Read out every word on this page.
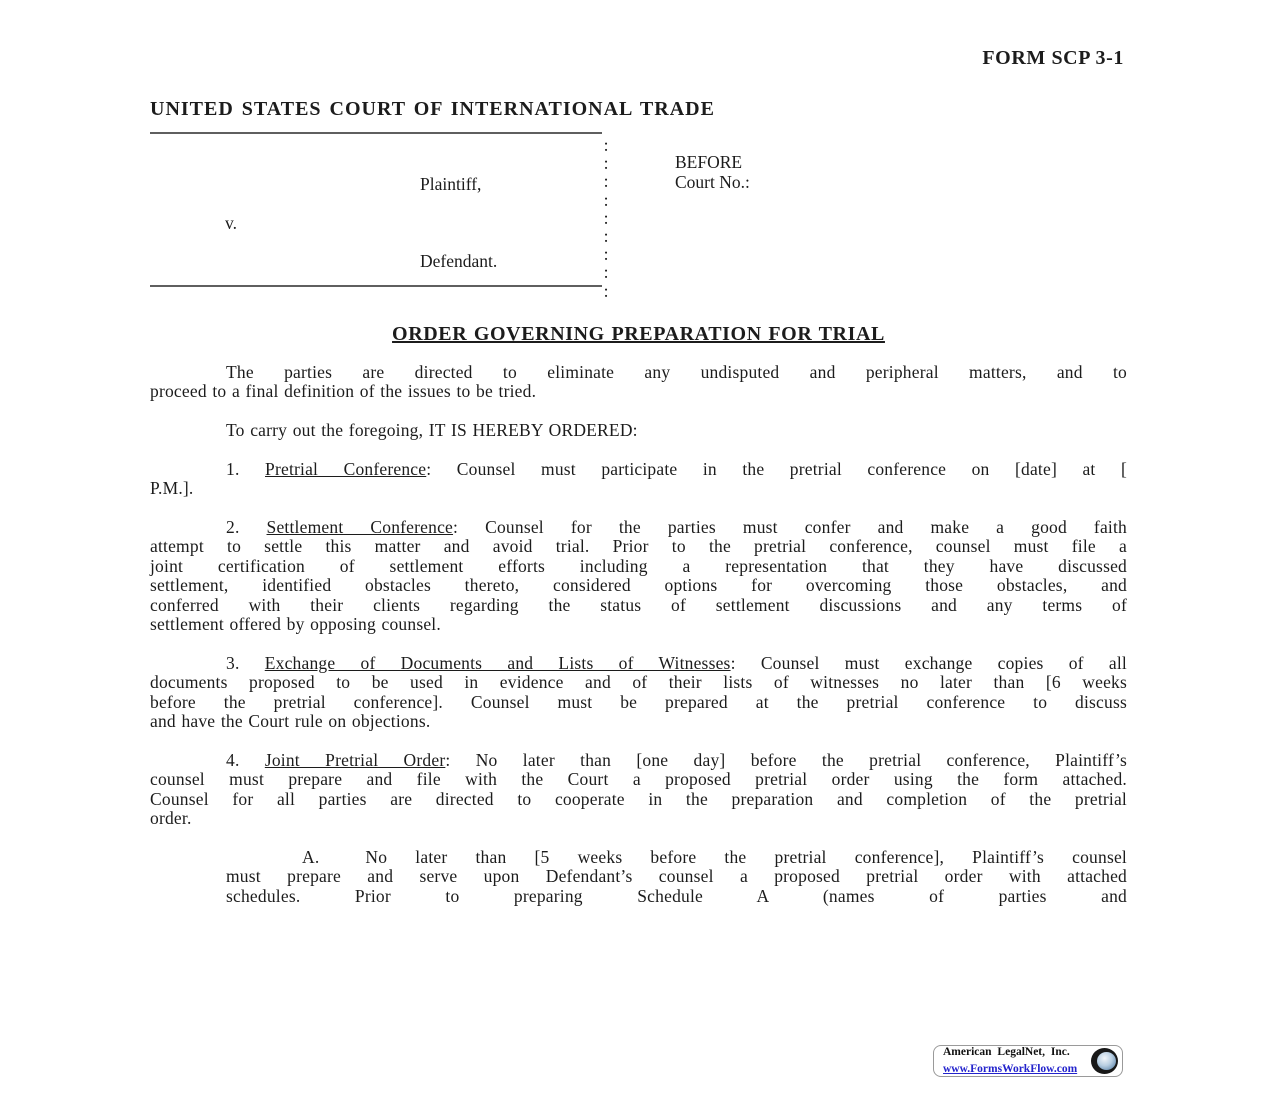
FORM SCP 3-1
UNITED STATES COURT OF INTERNATIONAL TRADE
Plaintiff,
v.
Defendant.
:
:
:
:
:
:
:
:
:
BEFORE
Court No.:
ORDER GOVERNING PREPARATION FOR TRIAL
The parties are directed to eliminate any undisputed and peripheral matters, and to
proceed to a final definition of the issues to be tried.
To carry out the foregoing, IT IS HEREBY ORDERED:
1. Pretrial Conference: Counsel must participate in the pretrial conference on [date] at [
P.M.].
2. Settlement Conference: Counsel for the parties must confer and make a good faith
attempt to settle this matter and avoid trial. Prior to the pretrial conference, counsel must file a
joint certification of settlement efforts including a representation that they have discussed
settlement, identified obstacles thereto, considered options for overcoming those obstacles, and
conferred with their clients regarding the status of settlement discussions and any terms of
settlement offered by opposing counsel.
3. Exchange of Documents and Lists of Witnesses: Counsel must exchange copies of all
documents proposed to be used in evidence and of their lists of witnesses no later than [6 weeks
before the pretrial conference]. Counsel must be prepared at the pretrial conference to discuss
and have the Court rule on objections.
4. Joint Pretrial Order: No later than [one day] before the pretrial conference, Plaintiff’s
counsel must prepare and file with the Court a proposed pretrial order using the form attached.
Counsel for all parties are directed to cooperate in the preparation and completion of the pretrial
order.
A.	No later than [5 weeks before the pretrial conference], Plaintiff’s counsel
must prepare and serve upon Defendant’s counsel a proposed pretrial order with attached
schedules. Prior to preparing Schedule A (names of parties and
American LegalNet, Inc.
www.FormsWorkFlow.com
